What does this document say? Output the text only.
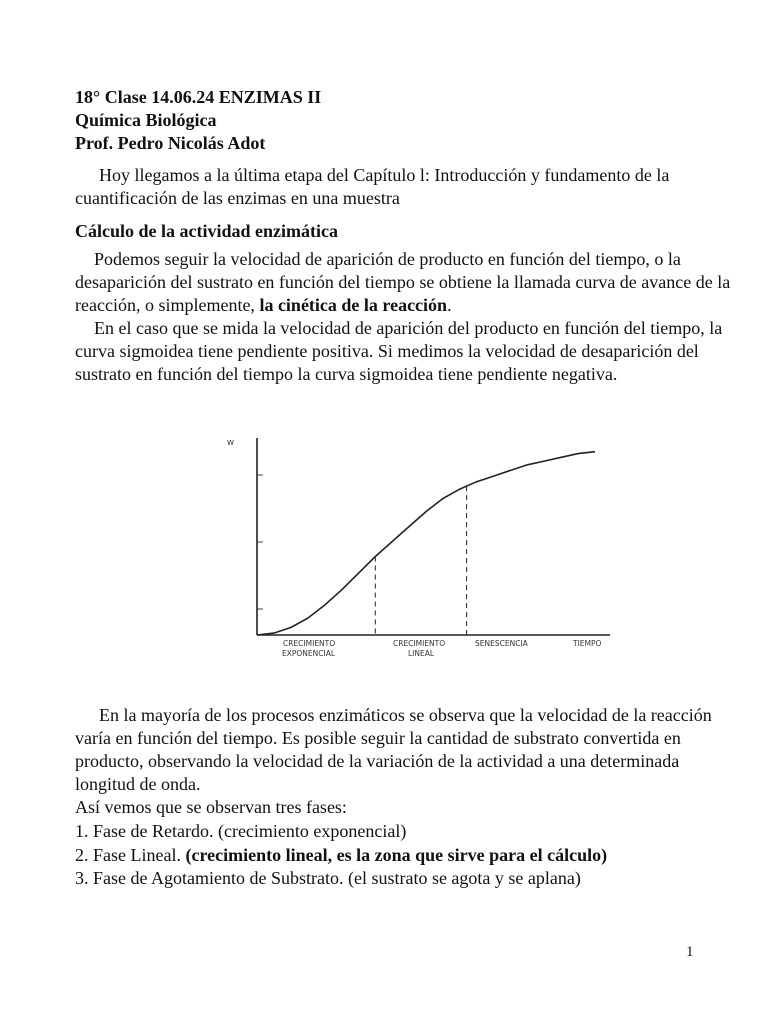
18° Clase 14.06.24 ENZIMAS II
Química Biológica
Prof. Pedro Nicolás Adot
Hoy llegamos a la última etapa del Capítulo l: Introducción y fundamento de la cuantificación de las enzimas en una muestra
Cálculo de la actividad enzimática

Podemos seguir la velocidad de aparición de producto en función del tiempo, o la desaparición del sustrato en función del tiempo se obtiene la llamada curva de avance de la reacción, o simplemente, la cinética de la reacción.

En el caso que se mida la velocidad de aparición del producto en función del tiempo, la curva sigmoidea tiene pendiente positiva. Si medimos la velocidad de desaparición del sustrato en función del tiempo la curva sigmoidea tiene pendiente negativa.

W
CRECIMIENTO
EXPONENCIAL
CRECIMIENTO
LINEAL
SENESCENCIA	TIEMPO

En la mayoría de los procesos enzimáticos se observa que la velocidad de la reacción varía en función del tiempo. Es posible seguir la cantidad de substrato convertida en producto, observando la velocidad de la variación de la actividad a una determinada longitud de onda.

Así vemos que se observan tres fases:

1. Fase de Retardo. (crecimiento exponencial)
2. Fase Lineal. (crecimiento lineal, es la zona que sirve para el cálculo)
3. Fase de Agotamiento de Substrato. (el sustrato se agota y se aplana)
1
